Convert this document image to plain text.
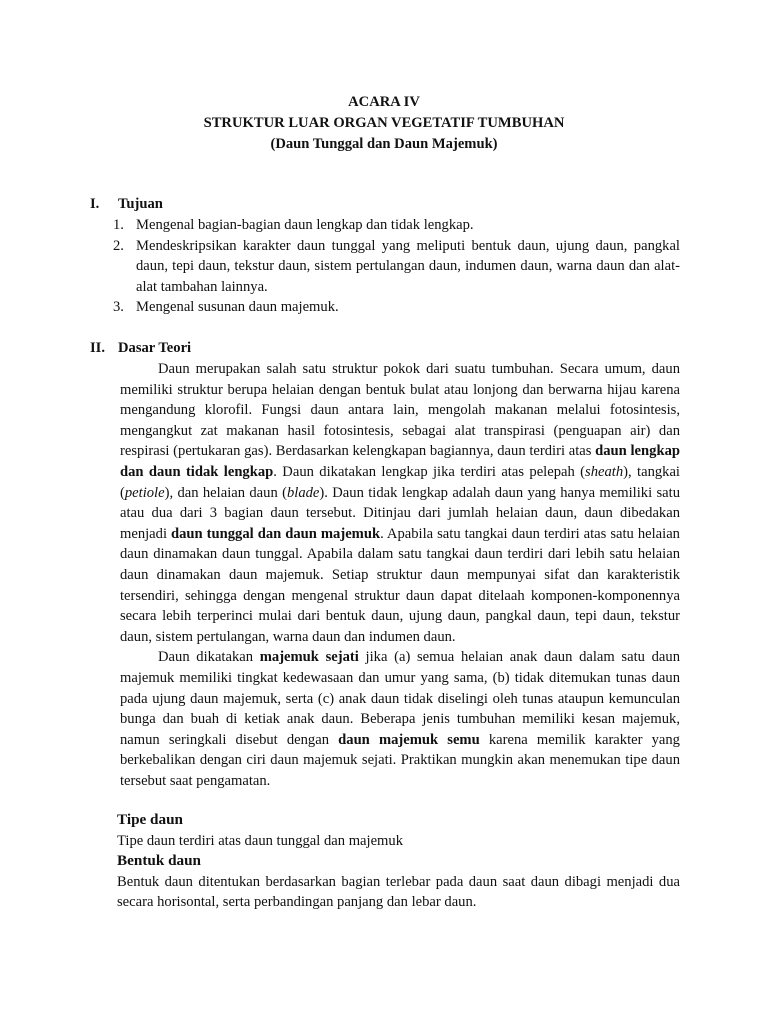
ACARA IV
STRUKTUR LUAR ORGAN VEGETATIF TUMBUHAN
(Daun Tunggal dan Daun Majemuk)
I. Tujuan
1. Mengenal bagian-bagian daun lengkap dan tidak lengkap.
2. Mendeskripsikan karakter daun tunggal yang meliputi bentuk daun, ujung daun, pangkal daun, tepi daun, tekstur daun, sistem pertulangan daun, indumen daun, warna daun dan alat-alat tambahan lainnya.
3. Mengenal susunan daun majemuk.
II. Dasar Teori

Daun merupakan salah satu struktur pokok dari suatu tumbuhan. Secara umum, daun memiliki struktur berupa helaian dengan bentuk bulat atau lonjong dan berwarna hijau karena mengandung klorofil. Fungsi daun antara lain, mengolah makanan melalui fotosintesis, mengangkut zat makanan hasil fotosintesis, sebagai alat transpirasi (penguapan air) dan respirasi (pertukaran gas). Berdasarkan kelengkapan bagiannya, daun terdiri atas daun lengkap dan daun tidak lengkap. Daun dikatakan lengkap jika terdiri atas pelepah (sheath), tangkai (petiole), dan helaian daun (blade). Daun tidak lengkap adalah daun yang hanya memiliki satu atau dua dari 3 bagian daun tersebut. Ditinjau dari jumlah helaian daun, daun dibedakan menjadi daun tunggal dan daun majemuk. Apabila satu tangkai daun terdiri atas satu helaian daun dinamakan daun tunggal. Apabila dalam satu tangkai daun terdiri dari lebih satu helaian daun dinamakan daun majemuk. Setiap struktur daun mempunyai sifat dan karakteristik tersendiri, sehingga dengan mengenal struktur daun dapat ditelaah komponen-komponennya secara lebih terperinci mulai dari bentuk daun, ujung daun, pangkal daun, tepi daun, tekstur daun, sistem pertulangan, warna daun dan indumen daun.

Daun dikatakan majemuk sejati jika (a) semua helaian anak daun dalam satu daun majemuk memiliki tingkat kedewasaan dan umur yang sama, (b) tidak ditemukan tunas daun pada ujung daun majemuk, serta (c) anak daun tidak diselingi oleh tunas ataupun kemunculan bunga dan buah di ketiak anak daun. Beberapa jenis tumbuhan memiliki kesan majemuk, namun seringkali disebut dengan daun majemuk semu karena memilik karakter yang berkebalikan dengan ciri daun majemuk sejati. Praktikan mungkin akan menemukan tipe daun tersebut saat pengamatan.

Tipe daun
Tipe daun terdiri atas daun tunggal dan majemuk
Bentuk daun
Bentuk daun ditentukan berdasarkan bagian terlebar pada daun saat daun dibagi menjadi dua secara horisontal, serta perbandingan panjang dan lebar daun.
